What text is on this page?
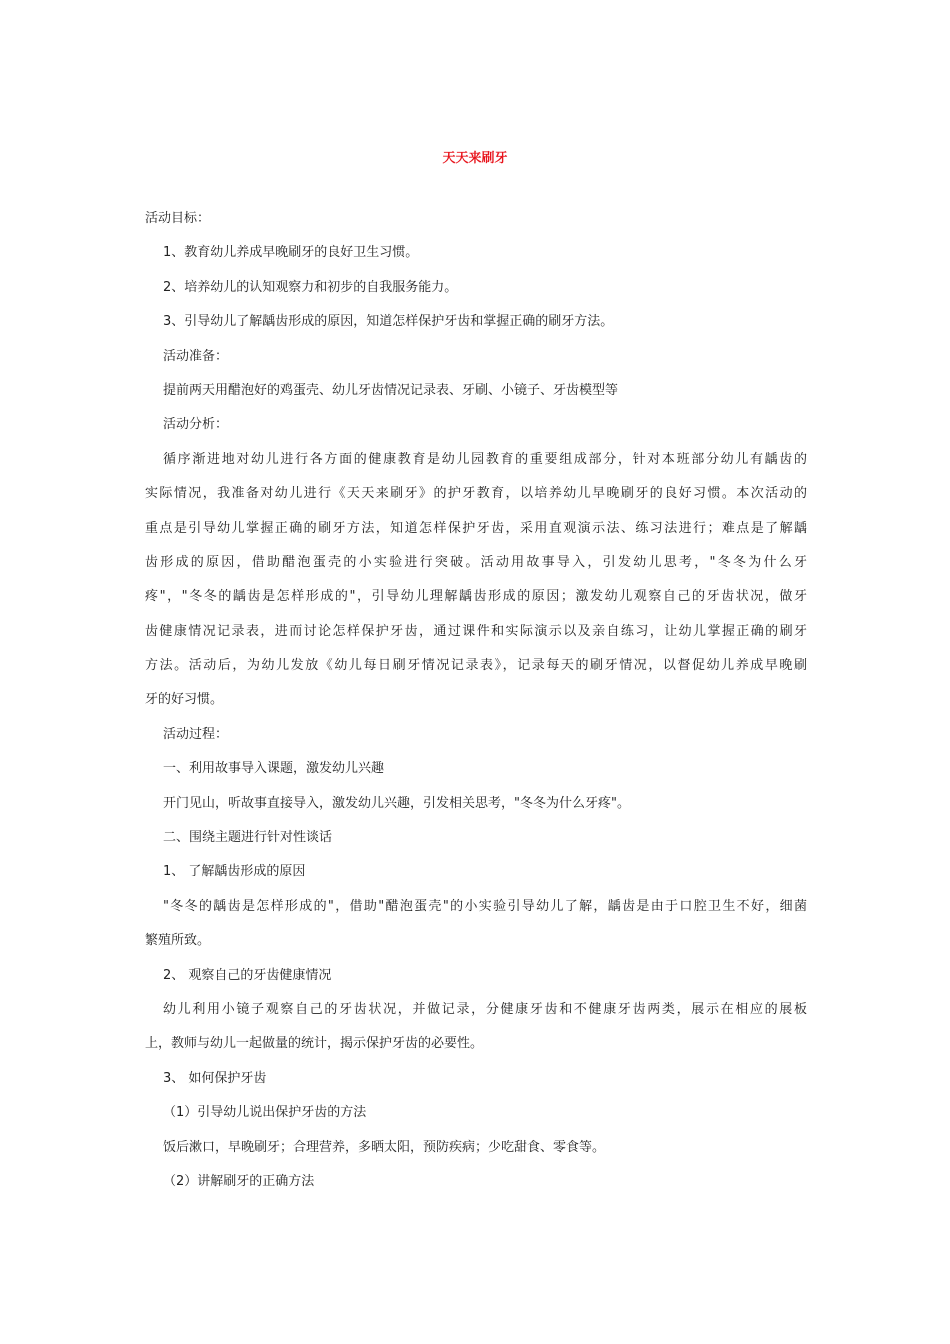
天天来刷牙
活动目标：
1、教育幼儿养成早晚刷牙的良好卫生习惯。
2、培养幼儿的认知观察力和初步的自我服务能力。
3、引导幼儿了解龋齿形成的原因，知道怎样保护牙齿和掌握正确的刷牙方法。
活动准备：
提前两天用醋泡好的鸡蛋壳、幼儿牙齿情况记录表、牙刷、小镜子、牙齿模型等
活动分析：
循序渐进地对幼儿进行各方面的健康教育是幼儿园教育的重要组成部分，针对本班部分幼儿有龋齿的
实际情况，我准备对幼儿进行《天天来刷牙》的护牙教育，以培养幼儿早晚刷牙的良好习惯。本次活动的
重点是引导幼儿掌握正确的刷牙方法，知道怎样保护牙齿，采用直观演示法、练习法进行；难点是了解龋
齿形成的原因，借助醋泡蛋壳的小实验进行突破。活动用故事导入，引发幼儿思考，"冬冬为什么牙
疼"，"冬冬的龋齿是怎样形成的"，引导幼儿理解龋齿形成的原因；激发幼儿观察自己的牙齿状况，做牙
齿健康情况记录表，进而讨论怎样保护牙齿，通过课件和实际演示以及亲自练习，让幼儿掌握正确的刷牙
方法。活动后，为幼儿发放《幼儿每日刷牙情况记录表》，记录每天的刷牙情况，以督促幼儿养成早晚刷
牙的好习惯。
活动过程：
一、利用故事导入课题，激发幼儿兴趣
开门见山，听故事直接导入，激发幼儿兴趣，引发相关思考，"冬冬为什么牙疼"。
二、围绕主题进行针对性谈话
1、 了解龋齿形成的原因
"冬冬的龋齿是怎样形成的"，借助"醋泡蛋壳"的小实验引导幼儿了解，龋齿是由于口腔卫生不好，细菌
繁殖所致。
2、 观察自己的牙齿健康情况
幼儿利用小镜子观察自己的牙齿状况，并做记录，分健康牙齿和不健康牙齿两类，展示在相应的展板
上，教师与幼儿一起做量的统计，揭示保护牙齿的必要性。
3、 如何保护牙齿
（1）引导幼儿说出保护牙齿的方法
饭后漱口，早晚刷牙；合理营养，多晒太阳，预防疾病；少吃甜食、零食等。
（2）讲解刷牙的正确方法
